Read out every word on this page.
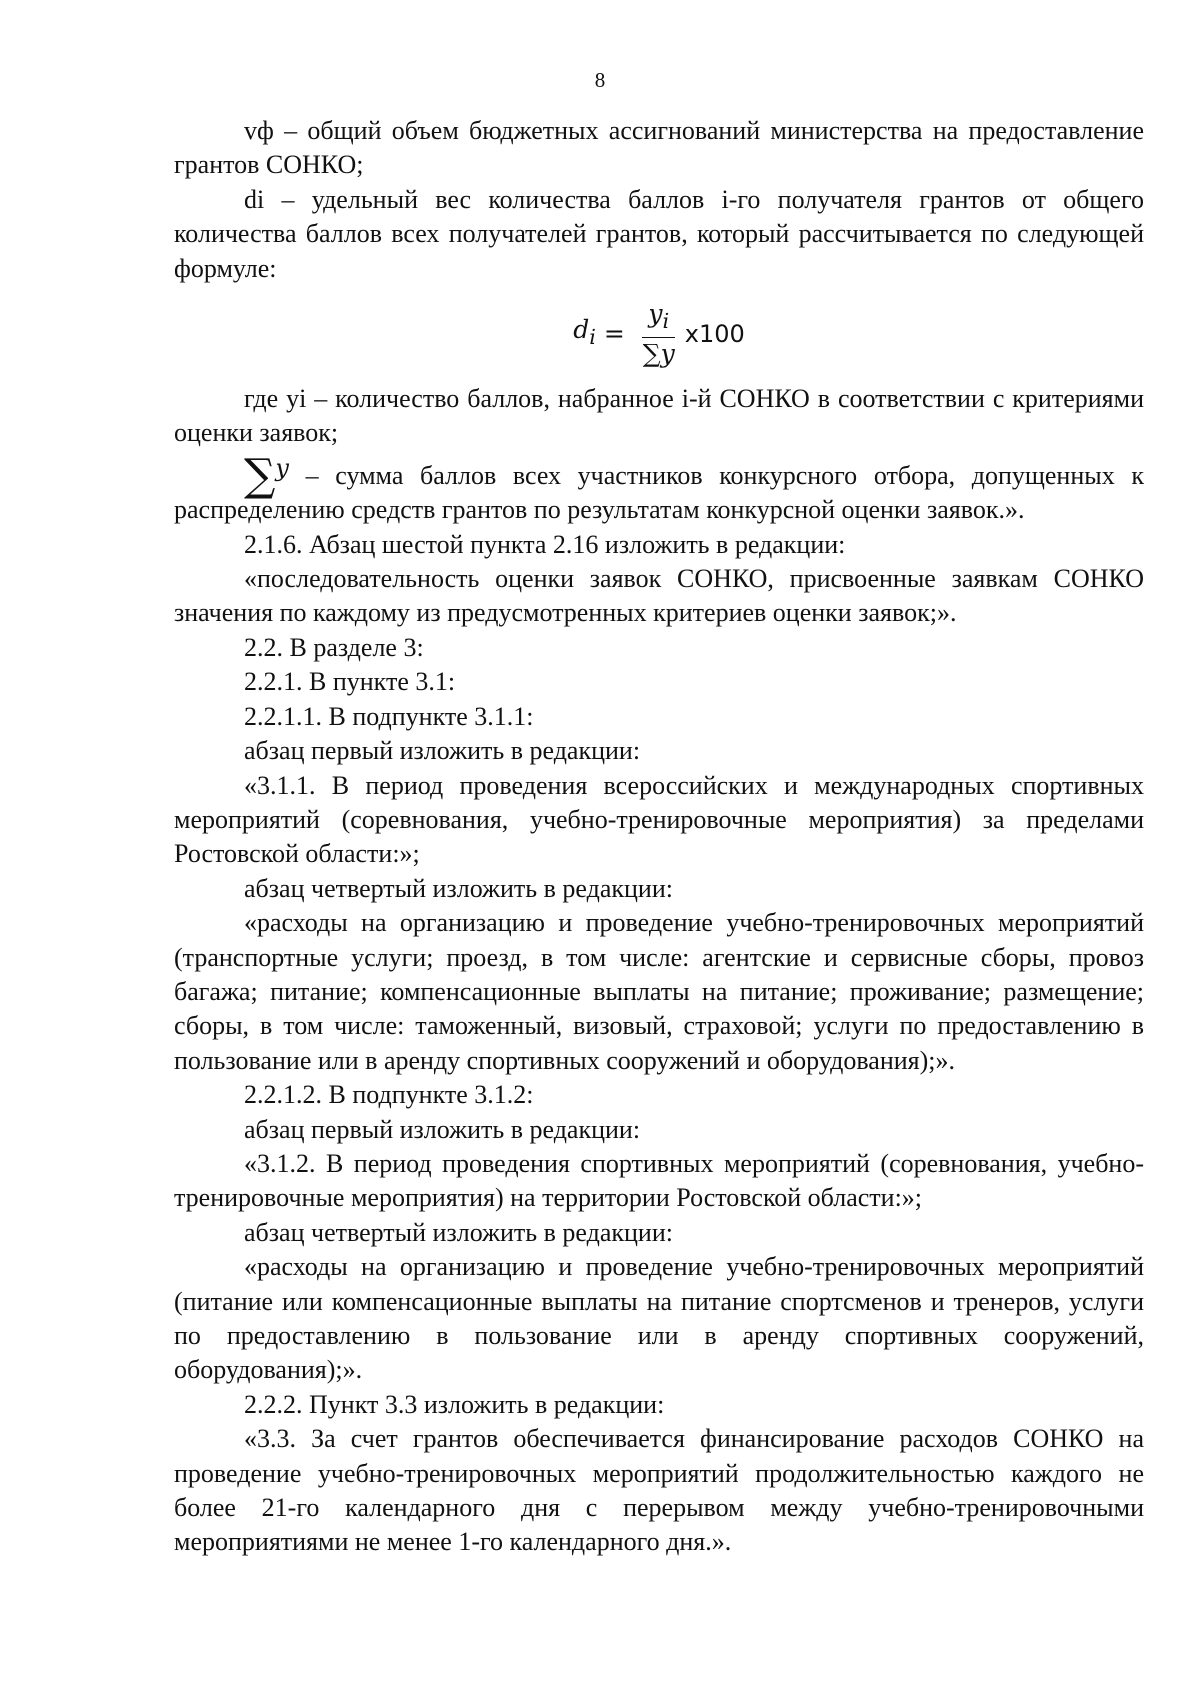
8

vф – общий объем бюджетных ассигнований министерства на предоставление грантов СОНКО;

di – удельный вес количества баллов i-го получателя грантов от общего количества баллов всех получателей грантов, который рассчитывается по следующей формуле:

$d_i = \frac{y_i}{\sum y} x100$

где yi – количество баллов, набранное i-й СОНКО в соответствии с критериями оценки заявок;

∑y – сумма баллов всех участников конкурсного отбора, допущенных к распределению средств грантов по результатам конкурсной оценки заявок.».

2.1.6. Абзац шестой пункта 2.16 изложить в редакции:

«последовательность оценки заявок СОНКО, присвоенные заявкам СОНКО значения по каждому из предусмотренных критериев оценки заявок;».

2.2. В разделе 3:

2.2.1. В пункте 3.1:

2.2.1.1. В подпункте 3.1.1:

абзац первый изложить в редакции:

«3.1.1. В период проведения всероссийских и международных спортивных мероприятий (соревнования, учебно-тренировочные мероприятия) за пределами Ростовской области:»;

абзац четвертый изложить в редакции:

«расходы на организацию и проведение учебно-тренировочных мероприятий (транспортные услуги; проезд, в том числе: агентские и сервисные сборы, провоз багажа; питание; компенсационные выплаты на питание; проживание; размещение; сборы, в том числе: таможенный, визовый, страховой; услуги по предоставлению в пользование или в аренду спортивных сооружений и оборудования);».

2.2.1.2. В подпункте 3.1.2:

абзац первый изложить в редакции:

«3.1.2. В период проведения спортивных мероприятий (соревнования, учебно-тренировочные мероприятия) на территории Ростовской области:»;

абзац четвертый изложить в редакции:

«расходы на организацию и проведение учебно-тренировочных мероприятий (питание или компенсационные выплаты на питание спортсменов и тренеров, услуги по предоставлению в пользование или в аренду спортивных сооружений, оборудования);».

2.2.2. Пункт 3.3 изложить в редакции:

«3.3. За счет грантов обеспечивается финансирование расходов СОНКО на проведение учебно-тренировочных мероприятий продолжительностью каждого не более 21-го календарного дня с перерывом между учебно-тренировочными мероприятиями не менее 1-го календарного дня.».
